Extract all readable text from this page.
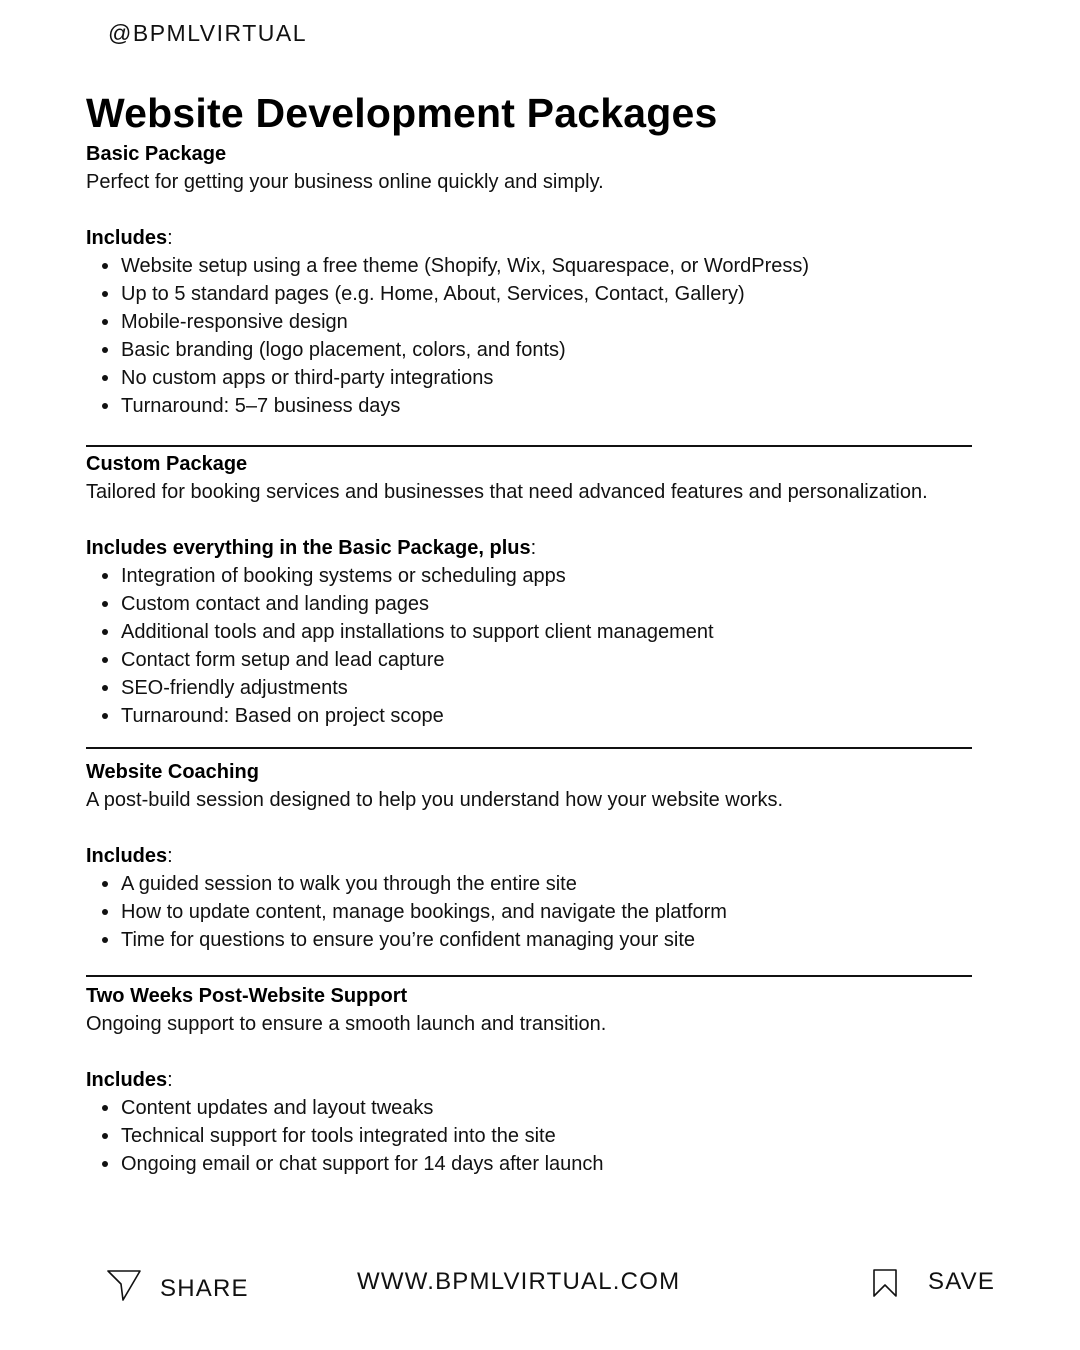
@BPMLVIRTUAL
Website Development Packages
Basic Package
Perfect for getting your business online quickly and simply.
Includes:
Website setup using a free theme (Shopify, Wix, Squarespace, or WordPress)
Up to 5 standard pages (e.g. Home, About, Services, Contact, Gallery)
Mobile-responsive design
Basic branding (logo placement, colors, and fonts)
No custom apps or third-party integrations
Turnaround: 5–7 business days
Custom Package
Tailored for booking services and businesses that need advanced features and personalization.
Includes everything in the Basic Package, plus:
Integration of booking systems or scheduling apps
Custom contact and landing pages
Additional tools and app installations to support client management
Contact form setup and lead capture
SEO-friendly adjustments
Turnaround: Based on project scope
Website Coaching
A post-build session designed to help you understand how your website works.
Includes:
A guided session to walk you through the entire site
How to update content, manage bookings, and navigate the platform
Time for questions to ensure you’re confident managing your site
Two Weeks Post-Website Support
Ongoing support to ensure a smooth launch and transition.
Includes:
Content updates and layout tweaks
Technical support for tools integrated into the site
Ongoing email or chat support for 14 days after launch
SHARE	WWW.BPMLVIRTUAL.COM	SAVE
